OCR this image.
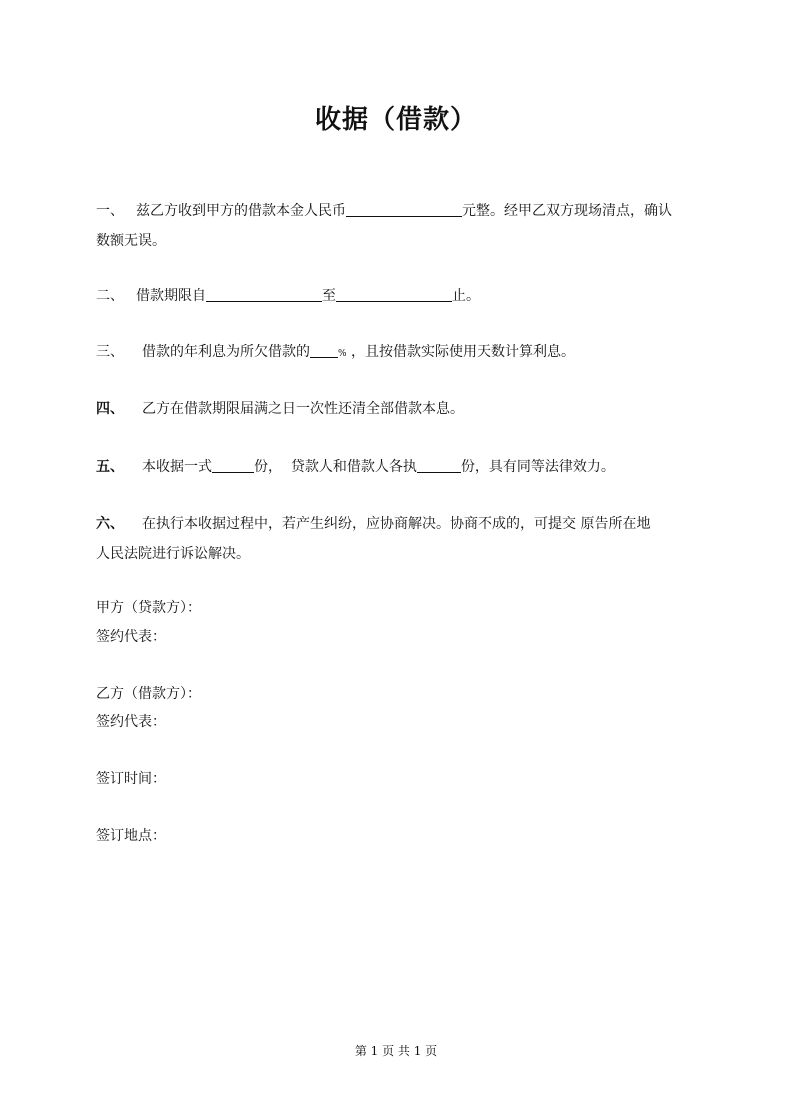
收据（借款）
一、 兹乙方收到甲方的借款本金人民币	元整。经甲乙双方现场清点，确认
数额无误。
二、 借款期限自	至	止。
三、 借款的年利息为所欠借款的	% ，且按借款实际使用天数计算利息。
四、 乙方在借款期限届满之日一次性还清全部借款本息。
五、 本收据一式	份，  贷款人和借款人各执	份，具有同等法律效力。
六、 在执行本收据过程中，若产生纠纷，应协商解决。协商不成的，可提交 原告所在地
人民法院进行诉讼解决。
甲方（贷款方）：
签约代表：
乙方（借款方）：
签约代表：
签订时间：
签订地点：
第 1 页 共 1 页
